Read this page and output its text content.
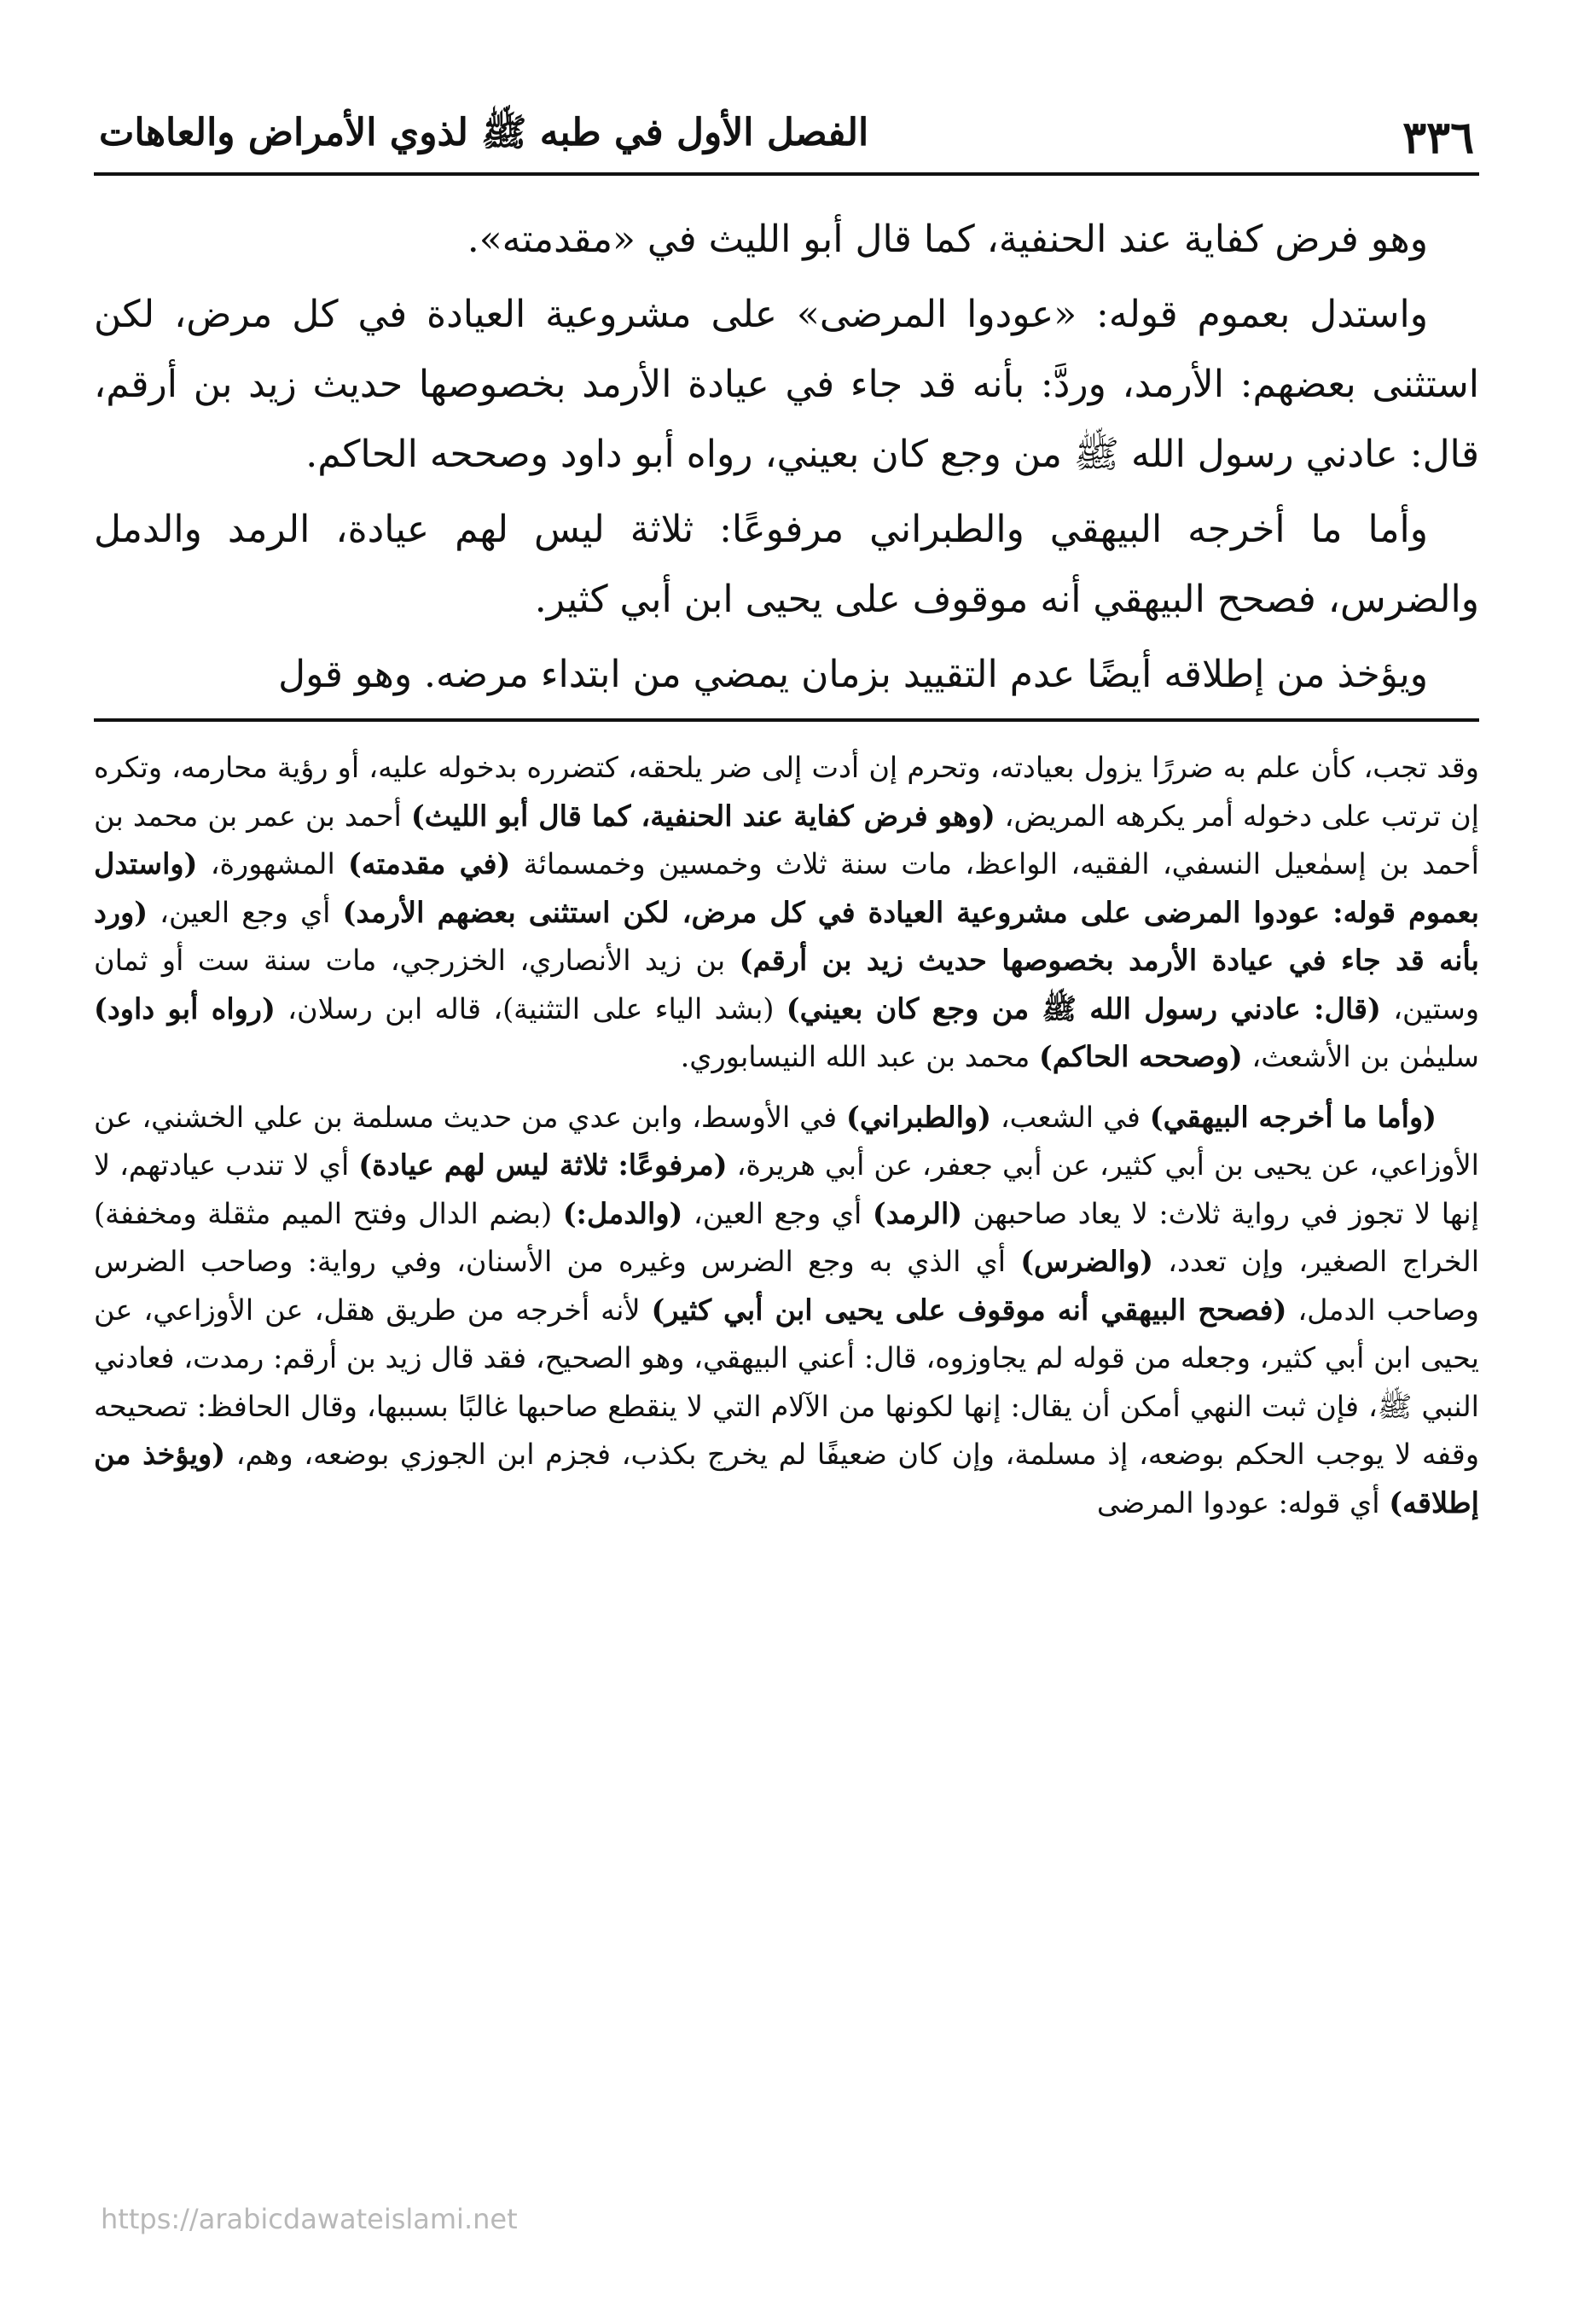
٣٣٦
الفصل الأول في طبه ﷺ لذوي الأمراض والعاهات

وهو فرض كفاية عند الحنفية، كما قال أبو الليث في «مقدمته».

واستدل بعموم قوله: «عودوا المرضى» على مشروعية العيادة في كل مرض، لكن استثنى بعضهم: الأرمد، وردَّ: بأنه قد جاء في عيادة الأرمد بخصوصها حديث زيد بن أرقم، قال: عادني رسول الله ﷺ من وجع كان بعيني، رواه أبو داود وصححه الحاكم.

وأما ما أخرجه البيهقي والطبراني مرفوعًا: ثلاثة ليس لهم عيادة، الرمد والدمل والضرس، فصحح البيهقي أنه موقوف على يحيى ابن أبي كثير.

ويؤخذ من إطلاقه أيضًا عدم التقييد بزمان يمضي من ابتداء مرضه. وهو قول

وقد تجب، كأن علم به ضررًا يزول بعيادته، وتحرم إن أدت إلى ضر يلحقه، كتضرره بدخوله عليه، أو رؤية محارمه، وتكره إن ترتب على دخوله أمر يكرهه المريض، (وهو فرض كفاية عند الحنفية، كما قال أبو الليث) أحمد بن عمر بن محمد بن أحمد بن إسمٰعيل النسفي، الفقيه، الواعظ، مات سنة ثلاث وخمسين وخمسمائة (في مقدمته) المشهورة، (واستدل بعموم قوله: عودوا المرضى على مشروعية العيادة في كل مرض، لكن استثنى بعضهم الأرمد) أي وجع العين، (ورد بأنه قد جاء في عيادة الأرمد بخصوصها حديث زيد بن أرقم) بن زيد الأنصاري، الخزرجي، مات سنة ست أو ثمان وستين، (قال: عادني رسول الله ﷺ من وجع كان بعيني) (بشد الياء على التثنية)، قاله ابن رسلان، (رواه أبو داود) سليمٰن بن الأشعث، (وصححه الحاكم) محمد بن عبد الله النيسابوري.

(وأما ما أخرجه البيهقي) في الشعب، (والطبراني) في الأوسط، وابن عدي من حديث مسلمة بن علي الخشني، عن الأوزاعي، عن يحيى بن أبي كثير، عن أبي جعفر، عن أبي هريرة، (مرفوعًا: ثلاثة ليس لهم عيادة) أي لا تندب عيادتهم، لا إنها لا تجوز في رواية ثلاث: لا يعاد صاحبهن (الرمد) أي وجع العين، (والدمل:) (بضم الدال وفتح الميم مثقلة ومخففة) الخراج الصغير، وإن تعدد، (والضرس) أي الذي به وجع الضرس وغيره من الأسنان، وفي رواية: وصاحب الضرس وصاحب الدمل، (فصحح البيهقي أنه موقوف على يحيى ابن أبي كثير) لأنه أخرجه من طريق هقل، عن الأوزاعي، عن يحيى ابن أبي كثير، وجعله من قوله لم يجاوزوه، قال: أعني البيهقي، وهو الصحيح، فقد قال زيد بن أرقم: رمدت، فعادني النبي ﷺ، فإن ثبت النهي أمكن أن يقال: إنها لكونها من الآلام التي لا ينقطع صاحبها غالبًا بسببها، وقال الحافظ: تصحيحه وقفه لا يوجب الحكم بوضعه، إذ مسلمة، وإن كان ضعيفًا لم يخرج بكذب، فجزم ابن الجوزي بوضعه، وهم، (ويؤخذ من إطلاقه) أي قوله: عودوا المرضى

https://arabicdawateislami.net
